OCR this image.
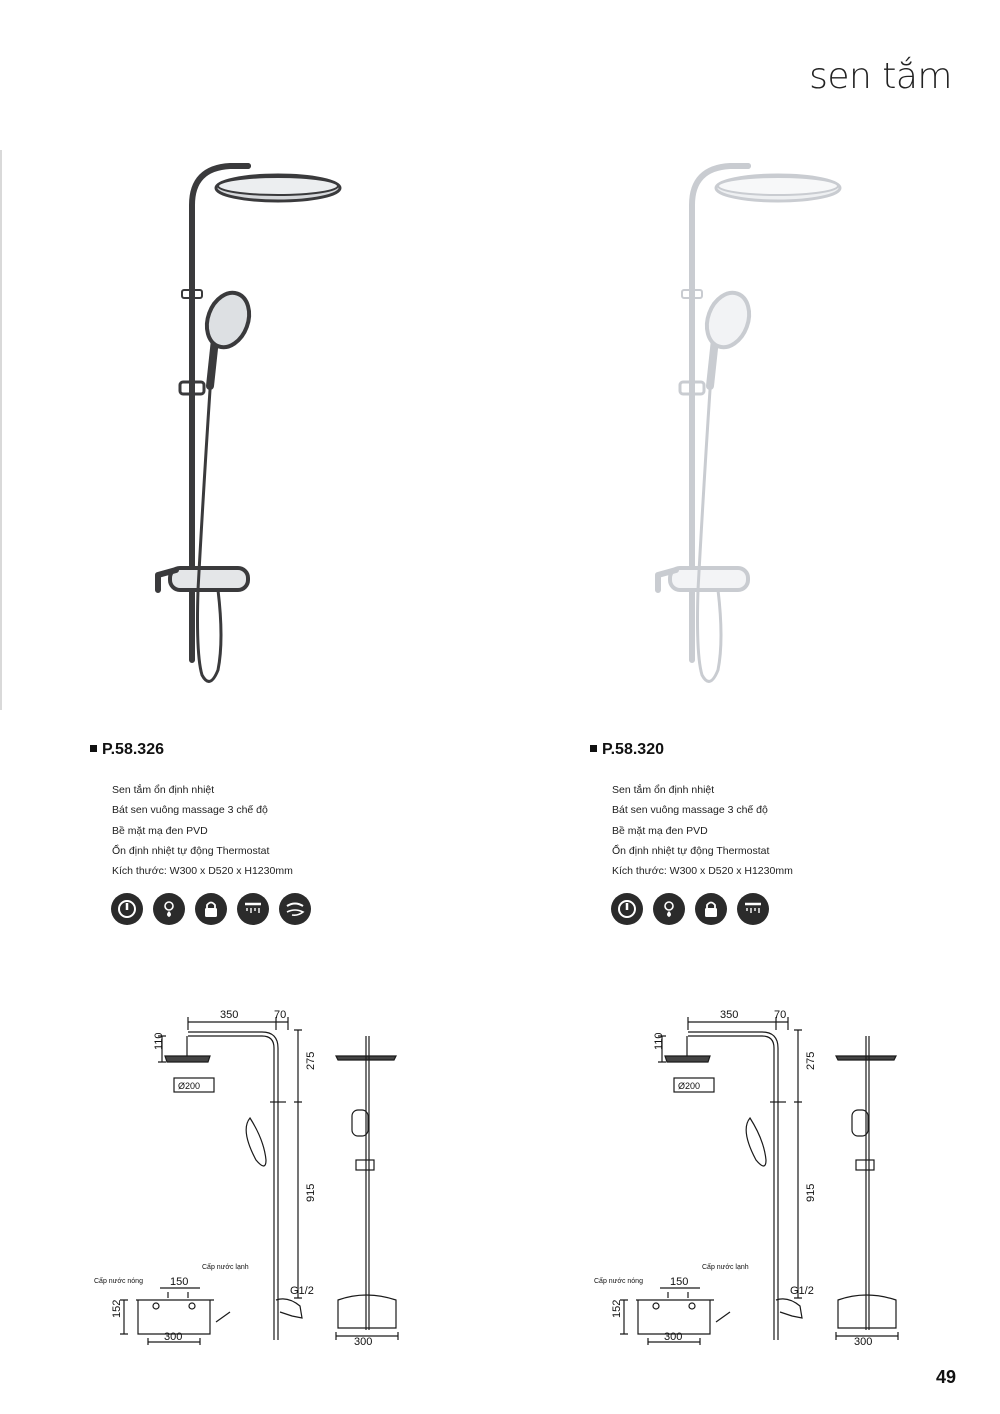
sen tắm
P.58.326
Sen tắm ổn định nhiệt
Bát sen vuông massage 3 chế độ
Bề mặt mạ đen PVD
Ổn định nhiệt tự động Thermostat
Kích thước: W300 x D520 x H1230mm
350	70
110
Ø200
275
915
G1/2
150
152
300	300
Cấp nước nóng
Cấp nước lạnh
P.58.320
Sen tắm ổn định nhiệt
Bát sen vuông massage 3 chế độ
Bề mặt mạ đen PVD
Ổn định nhiệt tự động Thermostat
Kích thước: W300 x D520 x H1230mm
350	70
110
Ø200
275
915
G1/2
150
152
300	300
Cấp nước nóng
Cấp nước lạnh
49
